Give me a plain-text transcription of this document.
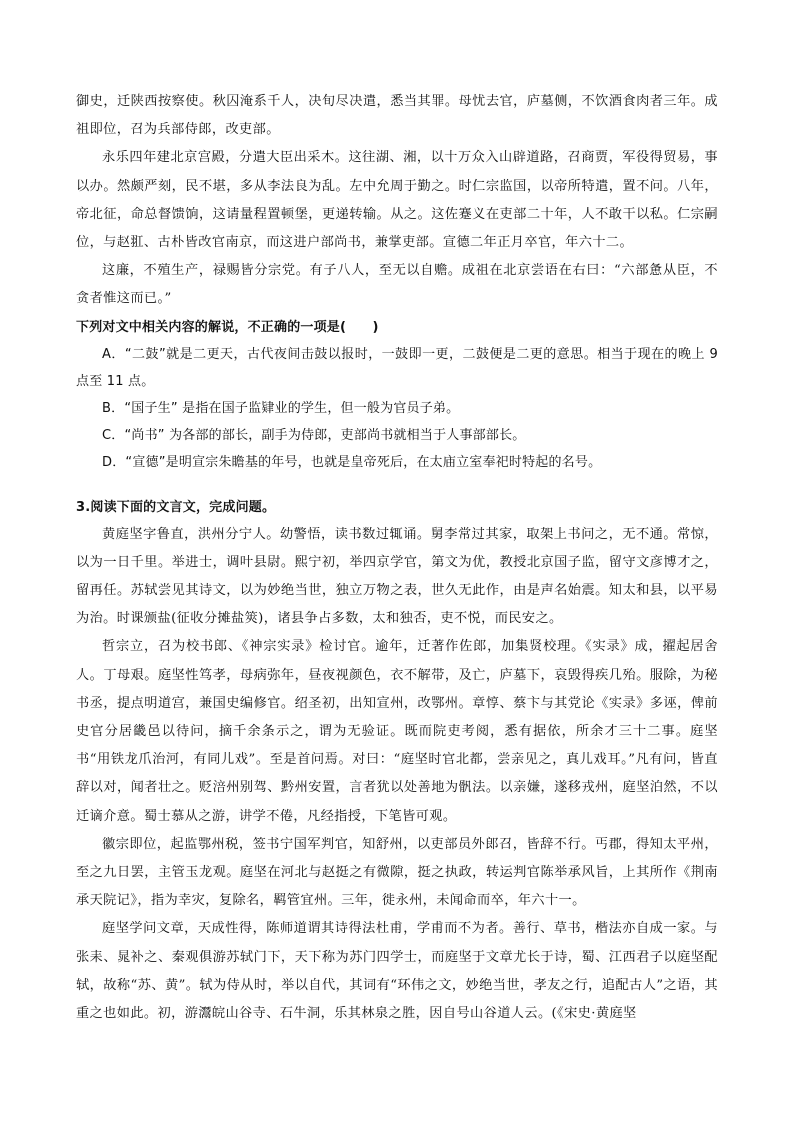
御史，迁陕西按察使。秋囚淹系千人，决旬尽决遣，悉当其罪。母忧去官，庐墓侧，不饮酒食肉者三年。成祖即位，召为兵部侍郎，改吏部。

永乐四年建北京宫殿，分遣大臣出采木。这往湖、湘，以十万众入山辟道路，召商贾，军役得贸易，事以办。然颇严刻，民不堪，多从李法良为乱。左中允周于勤之。时仁宗监国，以帝所特遣，置不问。八年，帝北征，命总督馈饷，这请量程置顿堡，更递转输。从之。这佐蹇义在吏部二十年，人不敢干以私。仁宗嗣位，与赵羾、古朴皆改官南京，而这进户部尚书，兼掌吏部。宣德二年正月卒官，年六十二。

这廉，不殖生产，禄赐皆分宗党。有子八人，至无以自赡。成祖在北京尝语在右曰：“六部惫从臣，不贪者惟这而已。”

下列对文中相关内容的解说，不正确的一项是(　　)

A．“二鼓”就是二更天，古代夜间击鼓以报时，一鼓即一更，二鼓便是二更的意思。相当于现在的晚上 9 点至 11 点。

B．“国子生” 是指在国子监肄业的学生，但一般为官员子弟。

C．“尚书” 为各部的部长，副手为侍郎，吏部尚书就相当于人事部部长。

D．“宣德”是明宣宗朱瞻基的年号，也就是皇帝死后，在太庙立室奉祀时特起的名号。

3.阅读下面的文言文，完成问题。

黄庭坚字鲁直，洪州分宁人。幼警悟，读书数过辄诵。舅李常过其家，取架上书问之，无不通。常惊，以为一日千里。举进士，调叶县尉。熙宁初，举四京学官，第文为优，教授北京国子监，留守文彦博才之，留再任。苏轼尝见其诗文，以为妙绝当世，独立万物之表，世久无此作，由是声名始震。知太和县，以平易为治。时课颁盐(征收分摊盐筴)，诸县争占多数，太和独否，吏不悦，而民安之。

哲宗立，召为校书郎、《神宗实录》检讨官。逾年，迁著作佐郎，加集贤校理。《实录》成，擢起居舍人。丁母艰。庭坚性笃孝，母病弥年，昼夜视颜色，衣不解带，及亡，庐墓下，哀毁得疾几殆。服除，为秘书丞，提点明道宫，兼国史编修官。绍圣初，出知宣州，改鄂州。章惇、蔡卞与其党论《实录》多诬，俾前史官分居畿邑以待问，摘千余条示之，谓为无验证。既而院吏考阅，悉有据依，所余才三十二事。庭坚书“用铁龙爪治河，有同儿戏”。至是首问焉。对曰：“庭坚时官北都，尝亲见之，真儿戏耳。”凡有问，皆直辞以对，闻者壮之。贬涪州别驾、黔州安置，言者犹以处善地为骪法。以亲嫌，遂移戎州，庭坚泊然，不以迁谪介意。蜀士慕从之游，讲学不倦，凡经指授，下笔皆可观。

徽宗即位，起监鄂州税，签书宁国军判官，知舒州，以吏部员外郎召，皆辞不行。丐郡，得知太平州，至之九日罢，主管玉龙观。庭坚在河北与赵挺之有微隙，挺之执政，转运判官陈举承风旨，上其所作《荆南承天院记》，指为幸灾，复除名，羁管宜州。三年，徙永州，未闻命而卒，年六十一。

庭坚学问文章，天成性得，陈师道谓其诗得法杜甫，学甫而不为者。善行、草书，楷法亦自成一家。与张耒、晁补之、秦观俱游苏轼门下，天下称为苏门四学士，而庭坚于文章尤长于诗，蜀、江西君子以庭坚配轼，故称“苏、黄”。轼为侍从时，举以自代，其词有“环伟之文，妙绝当世，孝友之行，追配古人”之语，其重之也如此。初，游灊皖山谷寺、石牛洞，乐其林泉之胜，因自号山谷道人云。(《宋史·黄庭坚
